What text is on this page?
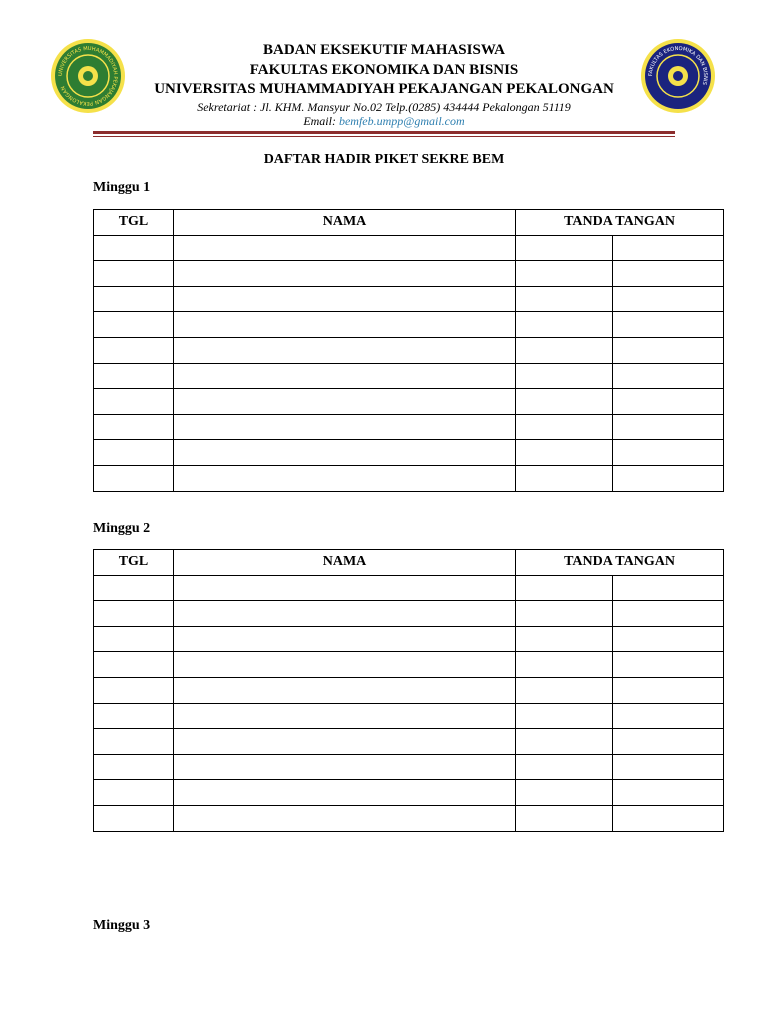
UNIVERSITAS MUHAMMADIYAH PEKAJANGAN PEKALONGAN
FAKULTAS EKONOMIKA DAN BISNIS
BADAN EKSEKUTIF MAHASISWA
FAKULTAS EKONOMIKA DAN BISNIS
UNIVERSITAS MUHAMMADIYAH PEKAJANGAN PEKALONGAN
Sekretariat : Jl. KHM. Mansyur No.02 Telp.(0285) 434444 Pekalongan 51119
Email: bemfeb.umpp@gmail.com
DAFTAR HADIR PIKET SEKRE BEM
Minggu 1
TGL	NAMA	TANDA TANGAN	

Minggu 2
TGL	NAMA	TANDA TANGAN	

Minggu 3
